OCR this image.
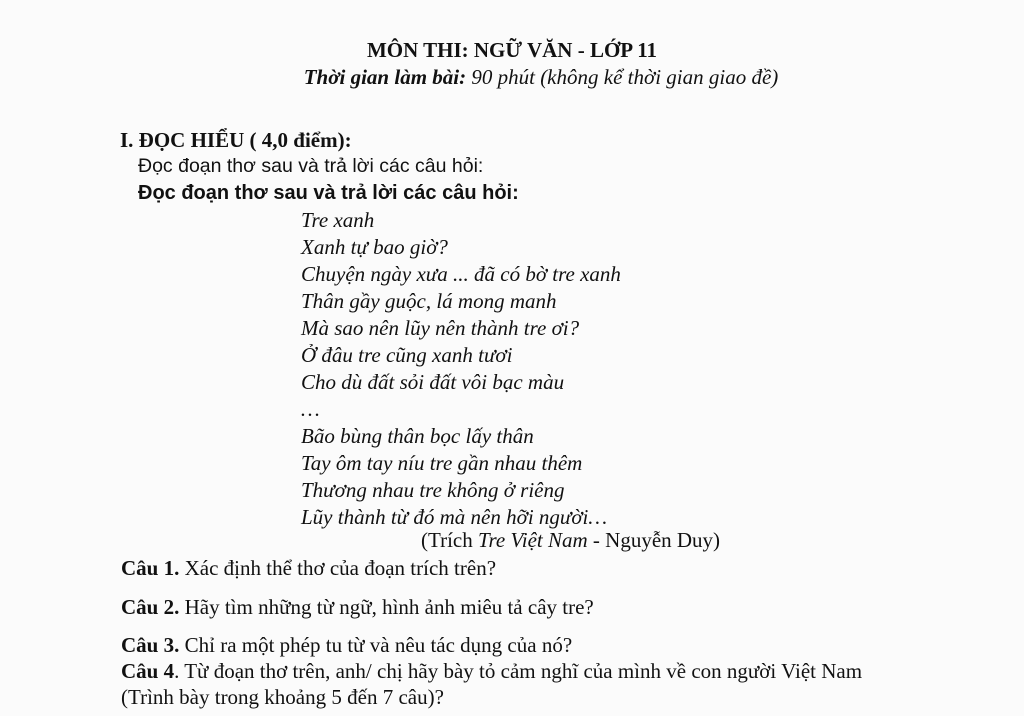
MÔN THI: NGỮ VĂN - LỚP 11
Thời gian làm bài: 90 phút (không kể thời gian giao đề)
I. ĐỌC HIỂU ( 4,0 điểm):
Đọc đoạn thơ sau và trả lời các câu hỏi:
Đọc đoạn thơ sau và trả lời các câu hỏi:
Tre xanh
Xanh tự bao giờ?
Chuyện ngày xưa ... đã có bờ tre xanh
Thân gầy guộc, lá mong manh
Mà sao nên lũy nên thành tre ơi?
Ở đâu tre cũng xanh tươi
Cho dù đất sỏi đất vôi bạc màu
…
Bão bùng thân bọc lấy thân
Tay ôm tay níu tre gần nhau thêm
Thương nhau tre không ở riêng
Lũy thành từ đó mà nên hỡi người…
(Trích Tre Việt Nam - Nguyễn Duy)
Câu 1. Xác định thể thơ của đoạn trích trên?
Câu 2. Hãy tìm những từ ngữ, hình ảnh miêu tả cây tre?
Câu 3. Chỉ ra một phép tu từ và nêu tác dụng của nó?
Câu 4. Từ đoạn thơ trên, anh/ chị hãy bày tỏ cảm nghĩ của mình về con người Việt Nam
(Trình bày trong khoảng 5 đến 7 câu)?
